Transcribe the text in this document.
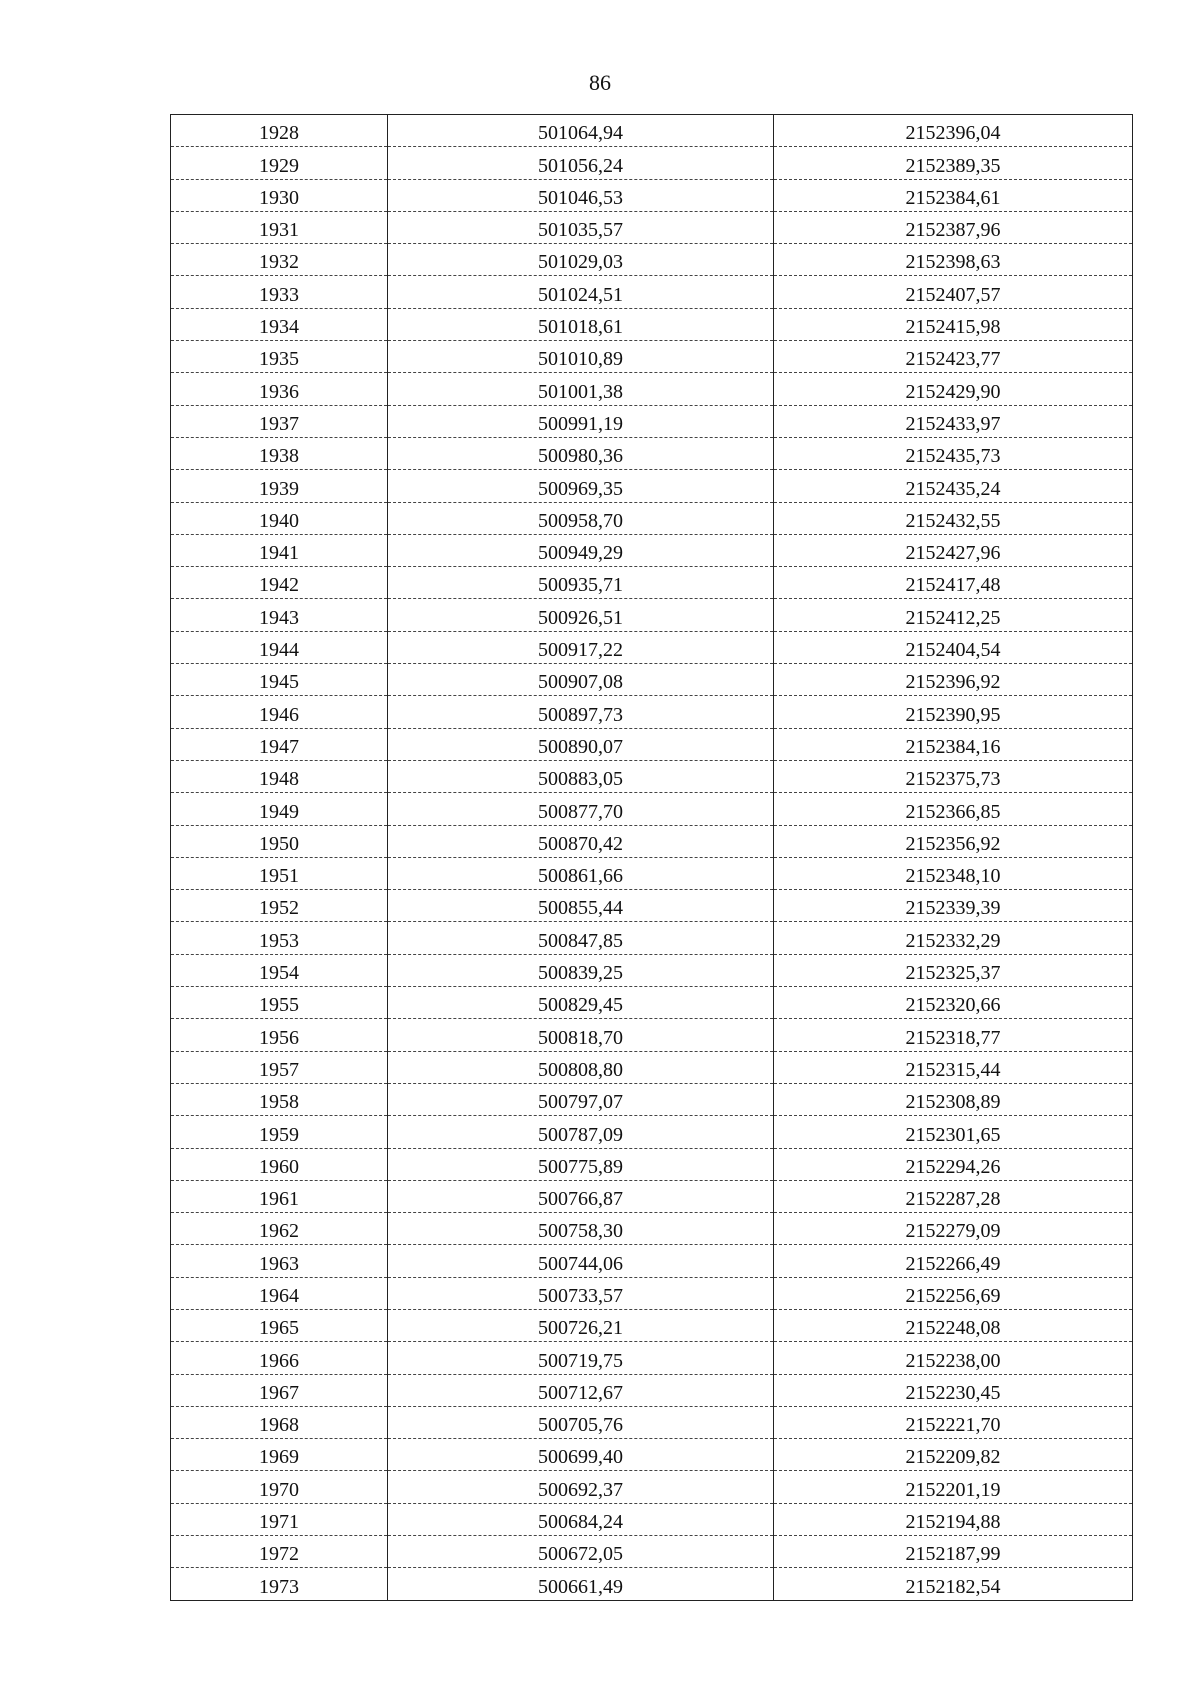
86
1928	501064,94	2152396,04
1929	501056,24	2152389,35
1930	501046,53	2152384,61
1931	501035,57	2152387,96
1932	501029,03	2152398,63
1933	501024,51	2152407,57
1934	501018,61	2152415,98
1935	501010,89	2152423,77
1936	501001,38	2152429,90
1937	500991,19	2152433,97
1938	500980,36	2152435,73
1939	500969,35	2152435,24
1940	500958,70	2152432,55
1941	500949,29	2152427,96
1942	500935,71	2152417,48
1943	500926,51	2152412,25
1944	500917,22	2152404,54
1945	500907,08	2152396,92
1946	500897,73	2152390,95
1947	500890,07	2152384,16
1948	500883,05	2152375,73
1949	500877,70	2152366,85
1950	500870,42	2152356,92
1951	500861,66	2152348,10
1952	500855,44	2152339,39
1953	500847,85	2152332,29
1954	500839,25	2152325,37
1955	500829,45	2152320,66
1956	500818,70	2152318,77
1957	500808,80	2152315,44
1958	500797,07	2152308,89
1959	500787,09	2152301,65
1960	500775,89	2152294,26
1961	500766,87	2152287,28
1962	500758,30	2152279,09
1963	500744,06	2152266,49
1964	500733,57	2152256,69
1965	500726,21	2152248,08
1966	500719,75	2152238,00
1967	500712,67	2152230,45
1968	500705,76	2152221,70
1969	500699,40	2152209,82
1970	500692,37	2152201,19
1971	500684,24	2152194,88
1972	500672,05	2152187,99
1973	500661,49	2152182,54
